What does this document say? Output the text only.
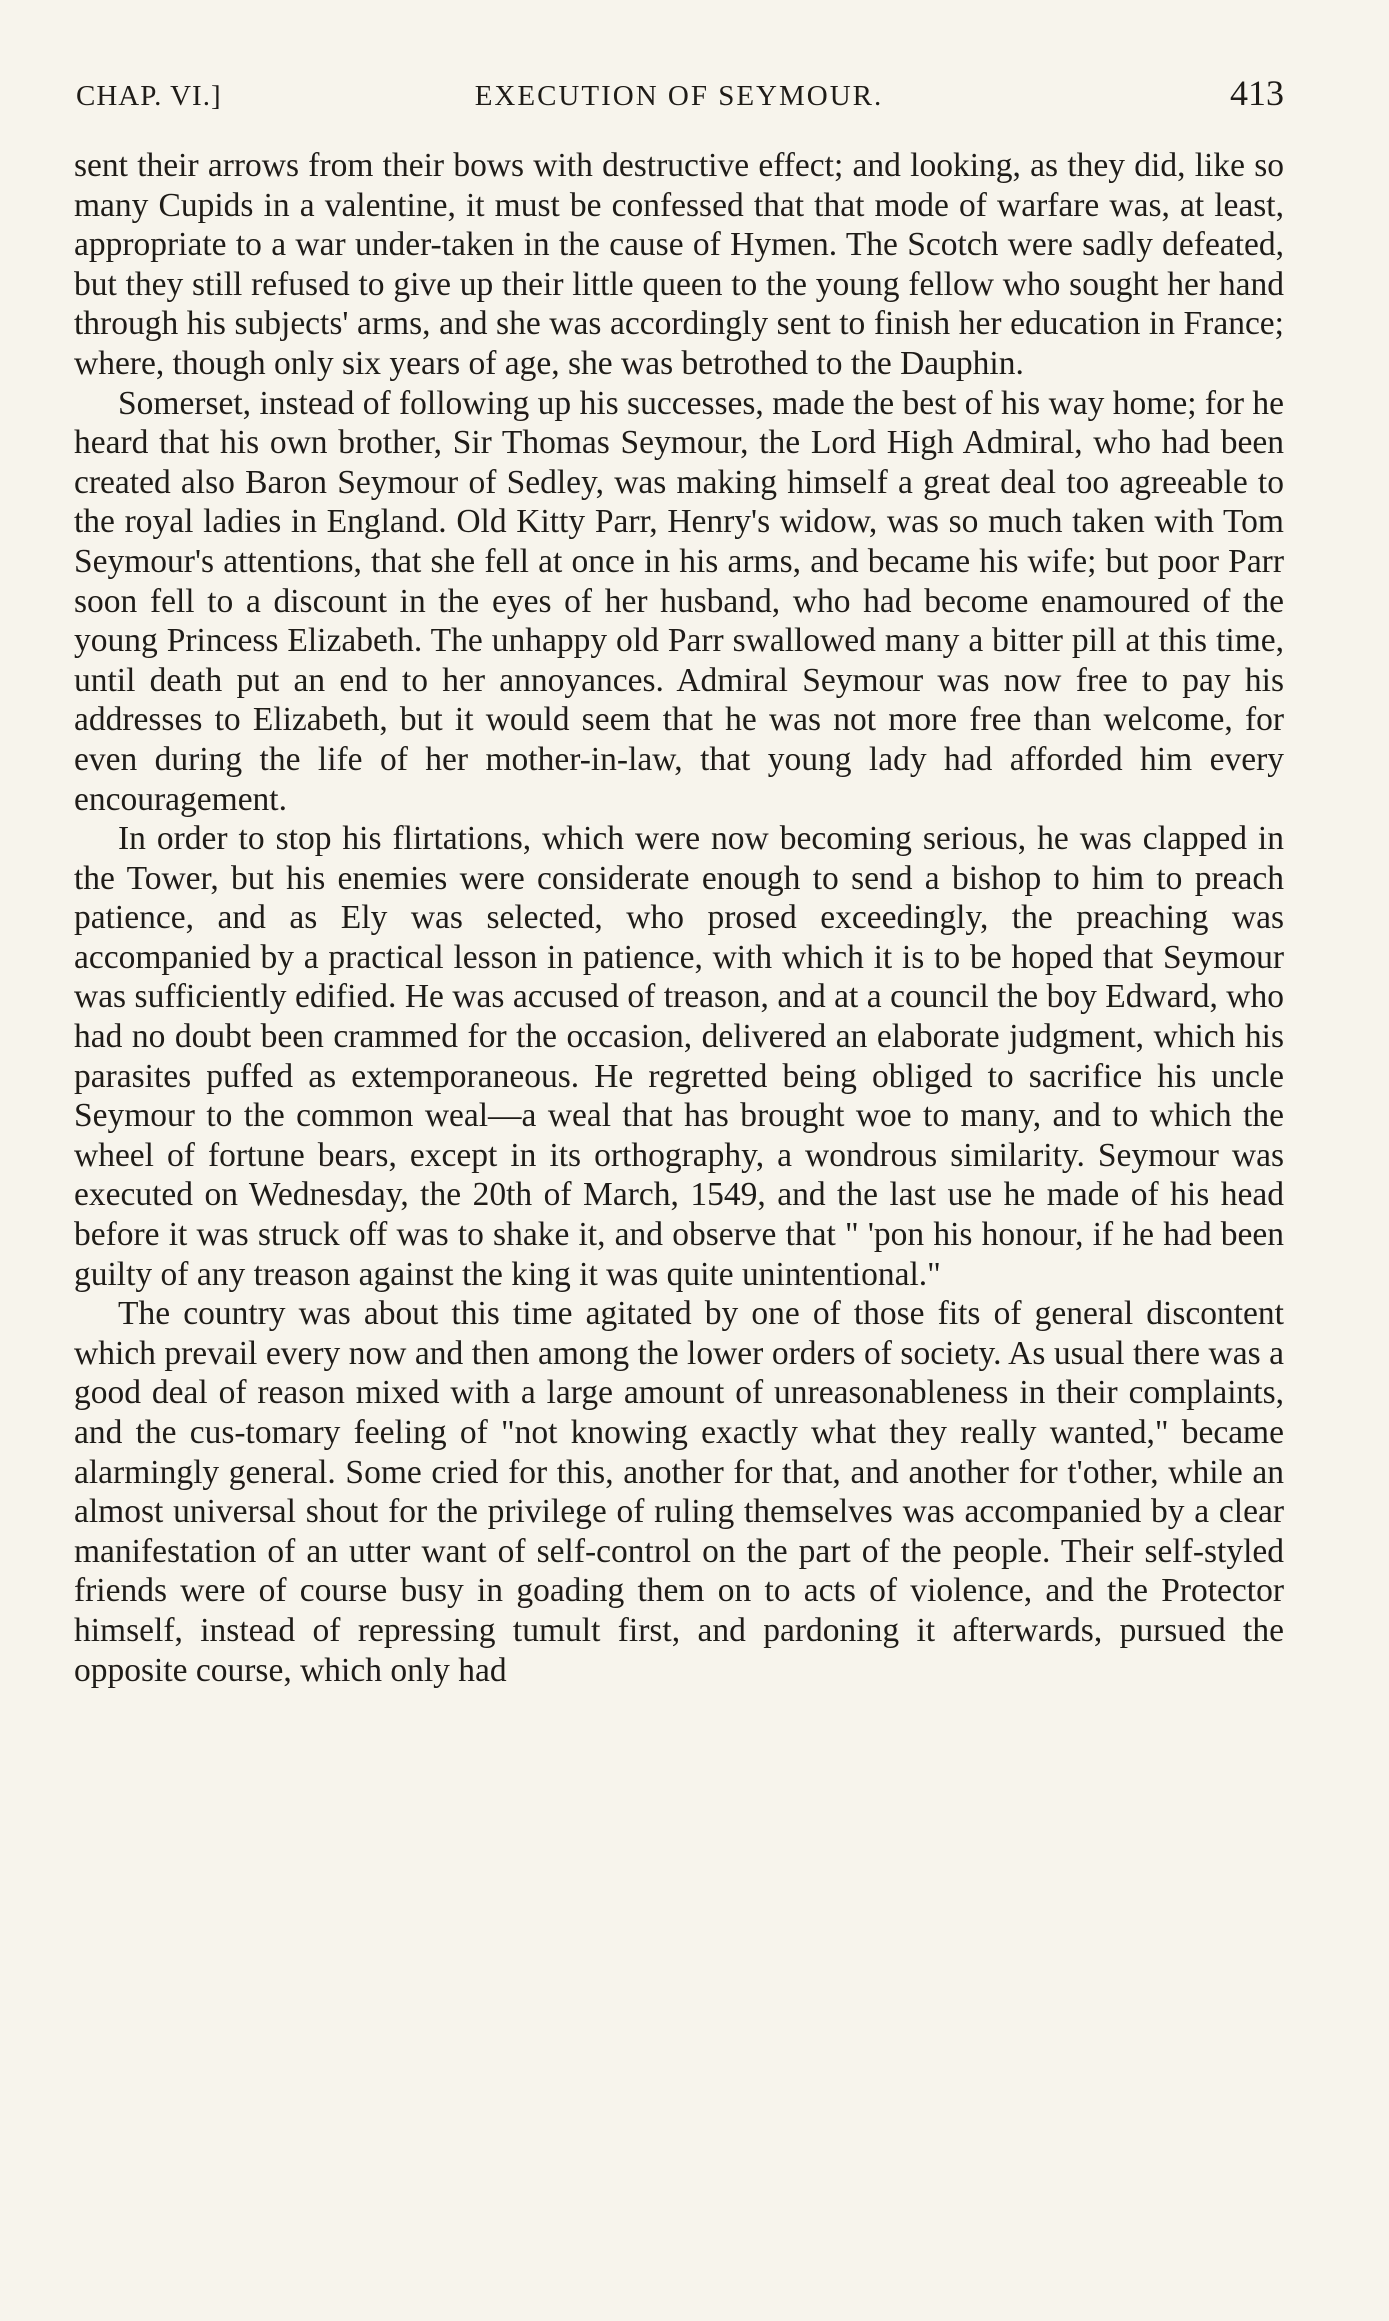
CHAP. VI.]	EXECUTION OF SEYMOUR.	413

sent their arrows from their bows with destructive effect; and looking, as they did, like so many Cupids in a valentine, it must be confessed that that mode of warfare was, at least, appropriate to a war under-taken in the cause of Hymen. The Scotch were sadly defeated, but they still refused to give up their little queen to the young fellow who sought her hand through his subjects' arms, and she was accordingly sent to finish her education in France; where, though only six years of age, she was betrothed to the Dauphin.

Somerset, instead of following up his successes, made the best of his way home; for he heard that his own brother, Sir Thomas Seymour, the Lord High Admiral, who had been created also Baron Seymour of Sedley, was making himself a great deal too agreeable to the royal ladies in England. Old Kitty Parr, Henry's widow, was so much taken with Tom Seymour's attentions, that she fell at once in his arms, and became his wife; but poor Parr soon fell to a discount in the eyes of her husband, who had become enamoured of the young Princess Elizabeth. The unhappy old Parr swallowed many a bitter pill at this time, until death put an end to her annoyances. Admiral Seymour was now free to pay his addresses to Elizabeth, but it would seem that he was not more free than welcome, for even during the life of her mother-in-law, that young lady had afforded him every encouragement.

In order to stop his flirtations, which were now becoming serious, he was clapped in the Tower, but his enemies were considerate enough to send a bishop to him to preach patience, and as Ely was selected, who prosed exceedingly, the preaching was accompanied by a practical lesson in patience, with which it is to be hoped that Seymour was sufficiently edified. He was accused of treason, and at a council the boy Edward, who had no doubt been crammed for the occasion, delivered an elaborate judgment, which his parasites puffed as extemporaneous. He regretted being obliged to sacrifice his uncle Seymour to the common weal—a weal that has brought woe to many, and to which the wheel of fortune bears, except in its orthography, a wondrous similarity. Seymour was executed on Wednesday, the 20th of March, 1549, and the last use he made of his head before it was struck off was to shake it, and observe that " 'pon his honour, if he had been guilty of any treason against the king it was quite unintentional."

The country was about this time agitated by one of those fits of general discontent which prevail every now and then among the lower orders of society. As usual there was a good deal of reason mixed with a large amount of unreasonableness in their complaints, and the cus-tomary feeling of "not knowing exactly what they really wanted," became alarmingly general. Some cried for this, another for that, and another for t'other, while an almost universal shout for the privilege of ruling themselves was accompanied by a clear manifestation of an utter want of self-control on the part of the people. Their self-styled friends were of course busy in goading them on to acts of violence, and the Protector himself, instead of repressing tumult first, and pardoning it afterwards, pursued the opposite course, which only had
